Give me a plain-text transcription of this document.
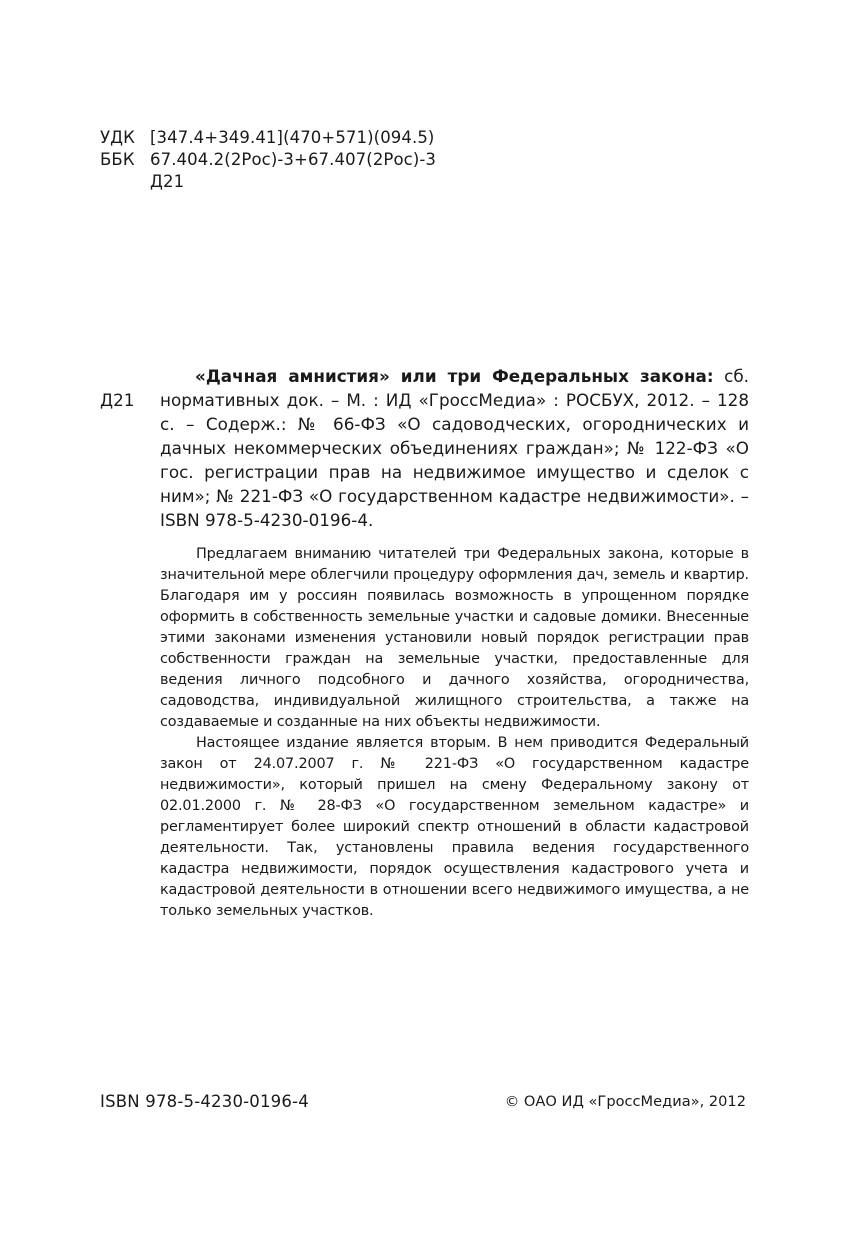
УДК [347.4+349.41](470+571)(094.5)
ББК 67.404.2(2Рос)-3+67.407(2Рос)-3
Д21
Д21
«Дачная амнистия» или три Федеральных закона: сб. нормативных док. – М. : ИД «ГроссМедиа» : РОСБУХ, 2012. – 128 с. – Содерж.: № 66-ФЗ «О садоводческих, огороднических и дачных некоммерческих объединениях граждан»; № 122-ФЗ «О гос. регистрации прав на недвижимое имущество и сделок с ним»; № 221-ФЗ «О государственном кадастре недвижимости». – ISBN 978-5-4230-0196-4.

Предлагаем вниманию читателей три Федеральных закона, которые в значительной мере облегчили процедуру оформления дач, земель и квартир. Благодаря им у россиян появилась возможность в упрощенном порядке оформить в собственность земельные участки и садовые домики. Внесенные этими законами изменения установили новый порядок регистрации прав собственности граждан на земельные участки, предоставленные для ведения личного подсобного и дачного хозяйства, огородничества, садоводства, индивидуальной жилищного строительства, а также на создаваемые и созданные на них объекты недвижимости.

Настоящее издание является вторым. В нем приводится Федеральный закон от 24.07.2007 г. № 221-ФЗ «О государственном кадастре недвижимости», который пришел на смену Федеральному закону от 02.01.2000 г. № 28-ФЗ «О государственном земельном кадастре» и регламентирует более широкий спектр отношений в области кадастровой деятельности. Так, установлены правила ведения государственного кадастра недвижимости, порядок осуществления кадастрового учета и кадастровой деятельности в отношении всего недвижимого имущества, а не только земельных участков.

ISBN 978-5-4230-0196-4	© ОАО ИД «ГроссМедиа», 2012
